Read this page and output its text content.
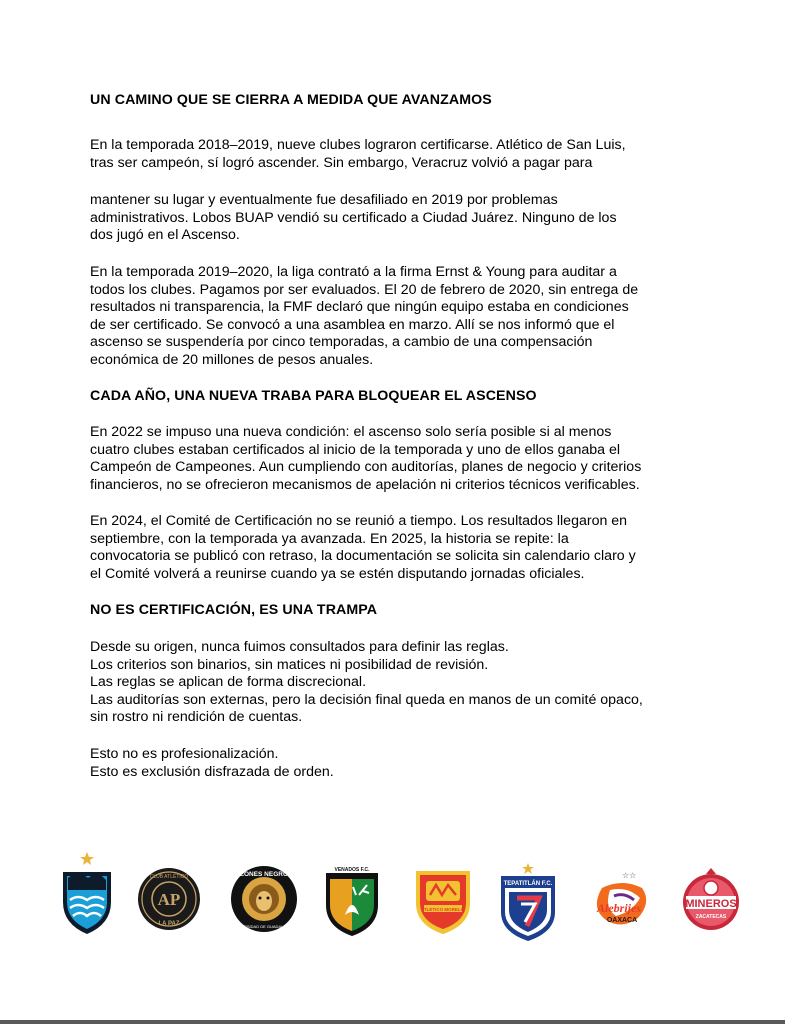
UN CAMINO QUE SE CIERRA A MEDIDA QUE AVANZAMOS
En la temporada 2018–2019, nueve clubes lograron certificarse. Atlético de San Luis,
tras ser campeón, sí logró ascender. Sin embargo, Veracruz volvió a pagar para
mantener su lugar y eventualmente fue desafiliado en 2019 por problemas
administrativos. Lobos BUAP vendió su certificado a Ciudad Juárez. Ninguno de los
dos jugó en el Ascenso.
En la temporada 2019–2020, la liga contrató a la firma Ernst & Young para auditar a
todos los clubes. Pagamos por ser evaluados. El 20 de febrero de 2020, sin entrega de
resultados ni transparencia, la FMF declaró que ningún equipo estaba en condiciones
de ser certificado. Se convocó a una asamblea en marzo. Allí se nos informó que el
ascenso se suspendería por cinco temporadas, a cambio de una compensación
económica de 20 millones de pesos anuales.
CADA AÑO, UNA NUEVA TRABA PARA BLOQUEAR EL ASCENSO
En 2022 se impuso una nueva condición: el ascenso solo sería posible si al menos
cuatro clubes estaban certificados al inicio de la temporada y uno de ellos ganaba el
Campeón de Campeones. Aun cumpliendo con auditorías, planes de negocio y criterios
financieros, no se ofrecieron mecanismos de apelación ni criterios técnicos verificables.
En 2024, el Comité de Certificación no se reunió a tiempo. Los resultados llegaron en
septiembre, con la temporada ya avanzada. En 2025, la historia se repite: la
convocatoria se publicó con retraso, la documentación se solicita sin calendario claro y
el Comité volverá a reunirse cuando ya se estén disputando jornadas oficiales.
NO ES CERTIFICACIÓN, ES UNA TRAMPA
Desde su origen, nunca fuimos consultados para definir las reglas.
Los criterios son binarios, sin matices ni posibilidad de revisión.
Las reglas se aplican de forma discrecional.
Las auditorías son externas, pero la decisión final queda en manos de un comité opaco,
sin rostro ni rendición de cuentas.
Esto no es profesionalización.
Esto es exclusión disfrazada de orden.
AP
CLUB ATLÉTICO
LA PAZ
LEONES NEGROS
UNIVERSIDAD DE GUADALAJARA
VENADOS F.C.
ATLÉTICO MORELIA
TEPATITLÁN F.C.
☆☆
Alebrijes
OAXACA
MINEROS
ZACATECAS
